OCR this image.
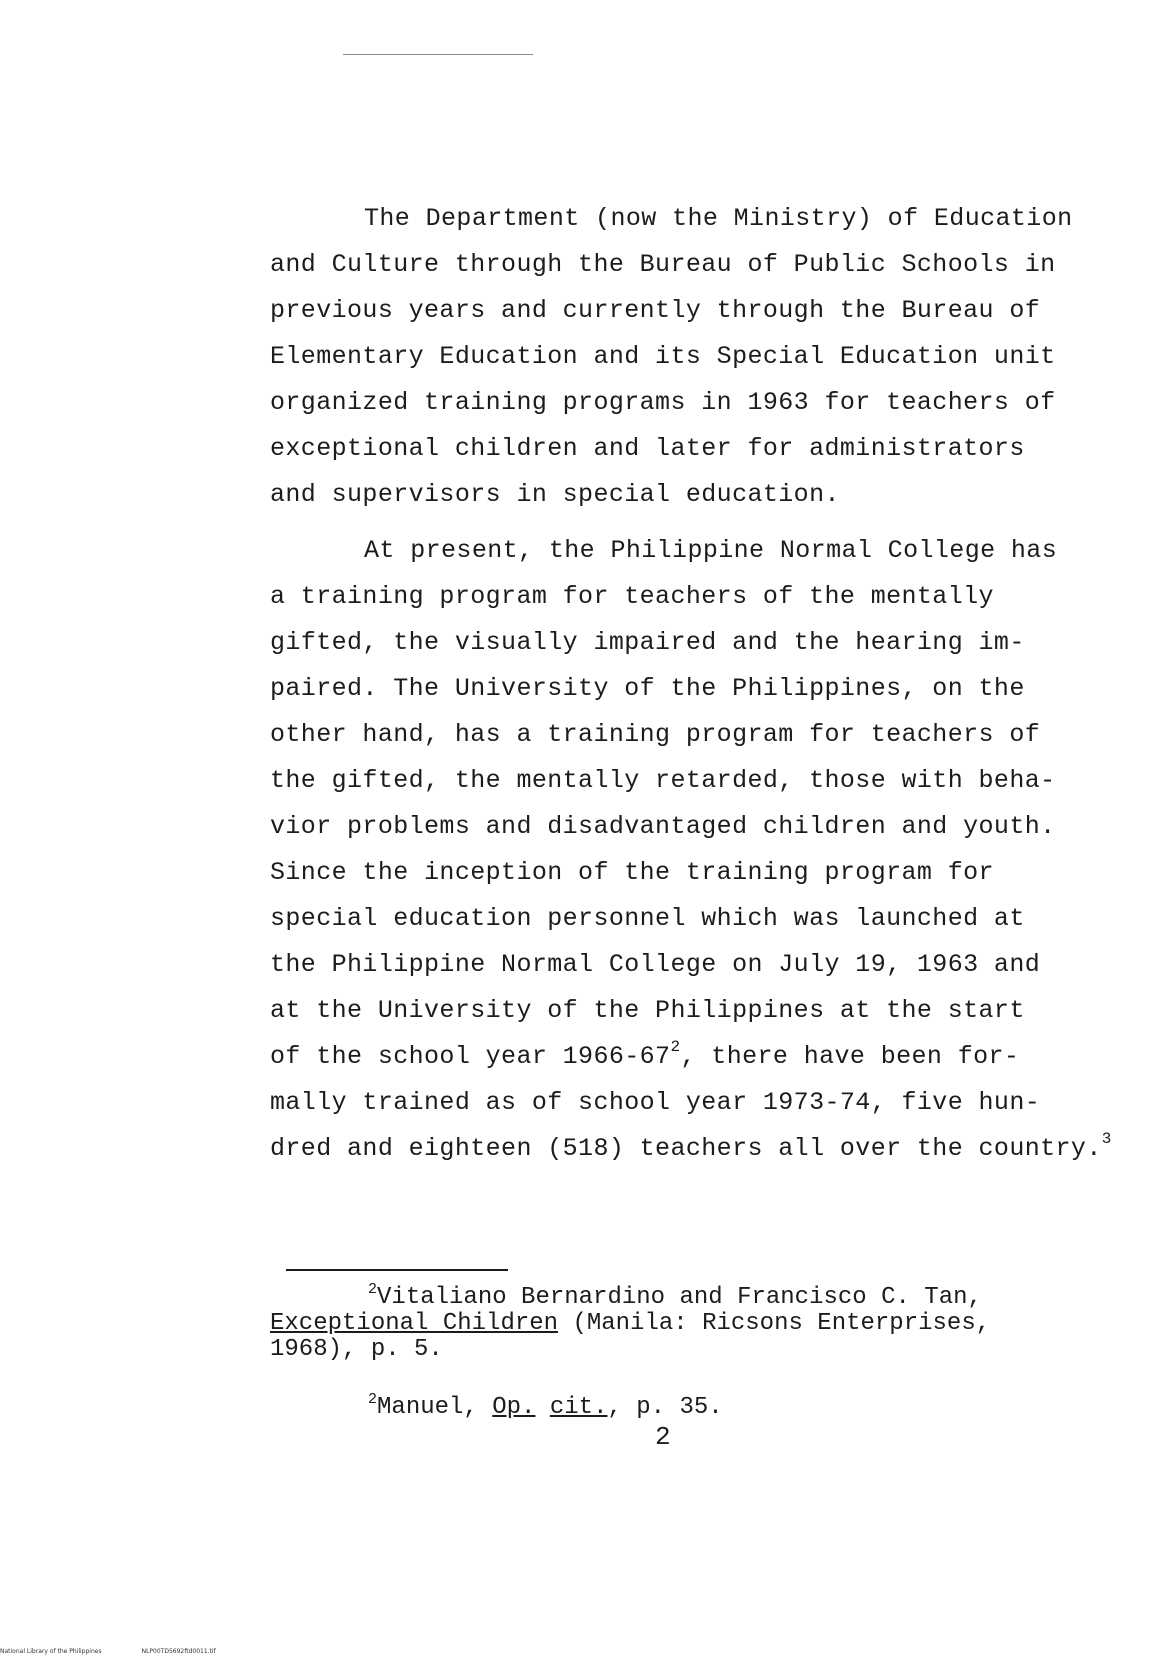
The Department (now the Ministry) of Education
and Culture through the Bureau of Public Schools in
previous years and currently through the Bureau of
Elementary Education and its Special Education unit
organized training programs in 1963 for teachers of
exceptional children and later for administrators
and supervisors in special education.
At present, the Philippine Normal College has
a training program for teachers of the mentally
gifted, the visually impaired and the hearing im-
paired. The University of the Philippines, on the
other hand, has a training program for teachers of
the gifted, the mentally retarded, those with beha-
vior problems and disadvantaged children and youth.
Since the inception of the training program for
special education personnel which was launched at
the Philippine Normal College on July 19, 1963 and
at the University of the Philippines at the start
of the school year $1966-67^2$, there have been for-
mally trained as of school year 1973-74, five hun-
dred and eighteen (518) teachers all over the country.$^3$
$^2$Vitaliano Bernardino and Francisco C. Tan,
Exceptional Children (Manila: Ricsons Enterprises,
1968), p. 5.
$^2$Manuel, Op. cit., p. 35.
2
National Library of the Philippines	NLP00TD5692ftd0011.tif
